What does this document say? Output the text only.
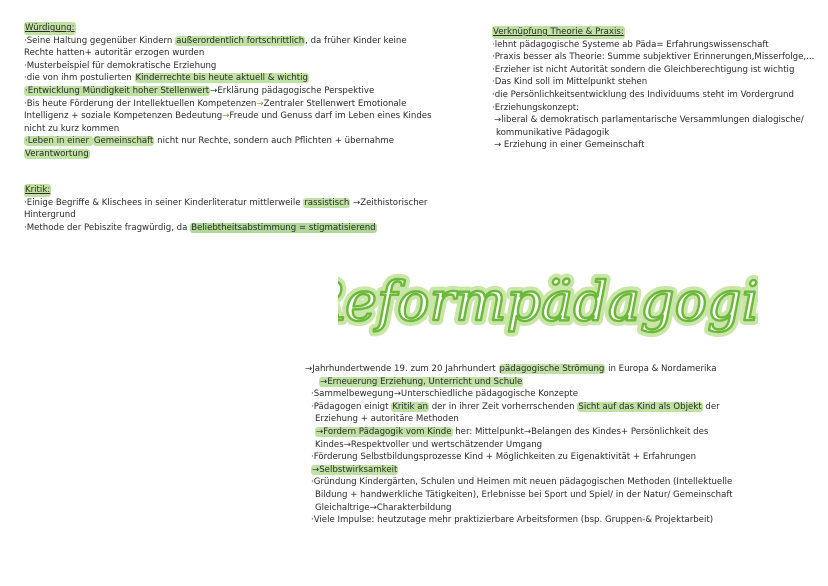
Würdigung:
·Seine Haltung gegenüber Kindern außerordentlich fortschrittlich, da früher Kinder keine
Rechte hatten+ autoritär erzogen wurden
·Musterbeispiel für demokratische Erziehung
·die von ihm postulierten Kinderrechte bis heute aktuell & wichtig
·Entwicklung Mündigkeit hoher Stellenwert→Erklärung pädagogische Perspektive
·Bis heute Förderung der Intellektuellen Kompetenzen→Zentraler Stellenwert Emotionale
Intelligenz + soziale Kompetenzen Bedeutung→Freude und Genuss darf im Leben eines Kindes
nicht zu kurz kommen
·Leben in einer Gemeinschaft nicht nur Rechte, sondern auch Pflichten + übernahme
Verantwortung
Kritik:
·Einige Begriffe & Klischees in seiner Kinderliteratur mittlerweile rassistisch →Zeithistorischer
Hintergrund
·Methode der Pebiszite fragwürdig, da Beliebtheitsabstimmung = stigmatisierend
Verknüpfung Theorie & Praxis:
·lehnt pädagogische Systeme ab Päda= Erfahrungswissenschaft
·Praxis besser als Theorie: Summe subjektiver Erinnerungen,Misserfolge,...
·Erzieher ist nicht Autorität sondern die Gleichberechtigung ist wichtig
·Das Kind soll im Mittelpunkt stehen
·die Persönlichkeitsentwicklung des Individuums steht im Vordergrund
·Erziehungskonzept:
→liberal & demokratisch parlamentarische Versammlungen dialogische/
kommunikative Pädagogik
→ Erziehung in einer Gemeinschaft
eformpädagogi
eformpädagogi
→Jahrhundertwende 19. zum 20 Jahrhundert pädagogische Strömung in Europa & Nordamerika
→Erneuerung Erziehung, Unterricht und Schule
·Sammelbewegung→Unterschiedliche pädagogische Konzepte
·Pädagogen einigt Kritik an der in ihrer Zeit vorherrschenden Sicht auf das Kind als Objekt der
Erziehung + autoritäre Methoden
→Fordern Pädagogik vom Kinde her: Mittelpunkt→Belangen des Kindes+ Persönlichkeit des
Kindes→Respektvoller und wertschätzender Umgang
·Förderung Selbstbildungsprozesse Kind + Möglichkeiten zu Eigenaktivität + Erfahrungen
→Selbstwirksamkeit
·Gründung Kindergärten, Schulen und Heimen mit neuen pädagogischen Methoden (Intellektuelle
Bildung + handwerkliche Tätigkeiten), Erlebnisse bei Sport und Spiel/ in der Natur/ Gemeinschaft
Gleichaltrige→Charakterbildung
·Viele Impulse: heutzutage mehr praktizierbare Arbeitsformen (bsp. Gruppen-& Projektarbeit)
